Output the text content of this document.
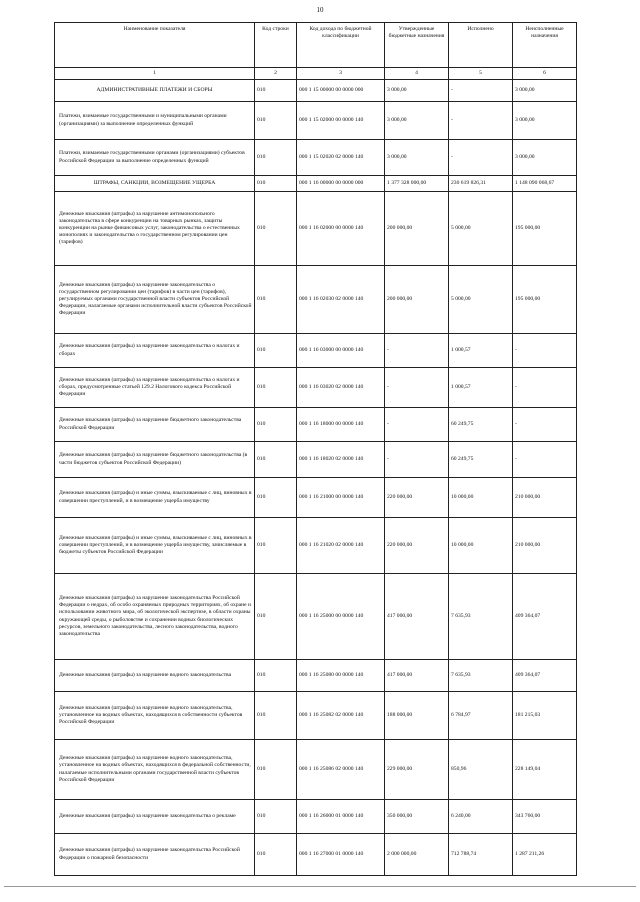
10
Наименование показателя	Код строки	Код дохода по бюджетной классификации	Утвержденные бюджетные назначения	Исполнено	Неисполненные назначения
1	2	3	4	5	6
АДМИНИСТРАТИВНЫЕ ПЛАТЕЖИ И СБОРЫ	010	000 1 15 00000 00 0000 000	3 000,00	-	3 000,00
Платежи, взимаемые государственными и муниципальными органами (организациями) за выполнение определенных функций	010	000 1 15 02000 00 0000 140	3 000,00	-	3 000,00
Платежи, взимаемые государственными органами (организациями) субъектов Российской Федерации за выполнение определенных функций	010	000 1 15 02020 02 0000 140	3 000,00	-	3 000,00
ШТРАФЫ, САНКЦИИ, ВОЗМЕЩЕНИЕ УЩЕРБА	010	000 1 16 00000 00 0000 000	1 377 328 000,00	230 619 826,31	1 148 090 068,67
Денежные взыскания (штрафы) за нарушение антимонопольного законодательства в сфере конкуренции на товарных рынках, защиты конкуренции на рынке финансовых услуг, законодательства о естественных монополиях и законодательства о государственном регулировании цен (тарифов)	010	000 1 16 02000 00 0000 140	200 000,00	5 000,00	195 000,00
Денежные взыскания (штрафы) за нарушение законодательства о государственном регулировании цен (тарифов) в части цен (тарифов), регулируемых органами государственной власти субъектов Российской Федерации, налагаемые органами исполнительной власти субъектов Российской Федерации	010	000 1 16 02030 02 0000 140	200 000,00	5 000,00	195 000,00
Денежные взыскания (штрафы) за нарушение законодательства о налогах и сборах	010	000 1 16 03000 00 0000 140	-	1 000,57	-
Денежные взыскания (штрафы) за нарушение законодательства о налогах и сборах, предусмотренные статьей 129.2 Налогового кодекса Российской Федерации	010	000 1 16 03020 02 0000 140	-	1 000,57	-
Денежные взыскания (штрафы) за нарушение бюджетного законодательства Российской Федерации	010	000 1 16 18000 00 0000 140	-	60 249,75	-
Денежные взыскания (штрафы) за нарушение бюджетного законодательства (в части бюджетов субъектов Российской Федерации)	010	000 1 16 18020 02 0000 140	-	60 249,75	-
Денежные взыскания (штрафы) и иные суммы, взыскиваемые с лиц, виновных в совершении преступлений, и в возмещение ущерба имуществу	010	000 1 16 21000 00 0000 140	220 000,00	10 000,00	210 000,00
Денежные взыскания (штрафы) и иные суммы, взыскиваемые с лиц, виновных в совершении преступлений, и в возмещение ущерба имуществу, зачисляемые в бюджеты субъектов Российской Федерации	010	000 1 16 21020 02 0000 140	220 000,00	10 000,00	210 000,00
Денежные взыскания (штрафы) за нарушение законодательства Российской Федерации о недрах, об особо охраняемых природных территориях, об охране и использовании животного мира, об экологической экспертизе, в области охраны окружающей среды, о рыболовстве и сохранении водных биологических ресурсов, земельного законодательства, лесного законодательства, водного законодательства	010	000 1 16 25000 00 0000 140	417 000,00	7 635,93	409 364,07
Денежные взыскания (штрафы) за нарушение водного законодательства	010	000 1 16 25080 00 0000 140	417 000,00	7 635,93	409 364,07
Денежные взыскания (штрафы) за нарушение водного законодательства, установленное на водных объектах, находящихся в собственности субъектов Российской Федерации	010	000 1 16 25082 02 0000 140	188 000,00	6 784,97	181 215,03
Денежные взыскания (штрафы) за нарушение водного законодательства, установленное на водных объектах, находящихся в федеральной собственности, налагаемые исполнительными органами государственной власти субъектов Российской Федерации	010	000 1 16 25086 02 0000 140	229 000,00	850,96	228 149,04
Денежные взыскания (штрафы) за нарушение законодательства о рекламе	010	000 1 16 26000 01 0000 140	350 000,00	6 240,00	343 760,00
Денежные взыскания (штрафы) за нарушение законодательства Российской Федерации о пожарной безопасности	010	000 1 16 27000 01 0000 140	2 000 000,00	712 788,74	1 287 211,26
